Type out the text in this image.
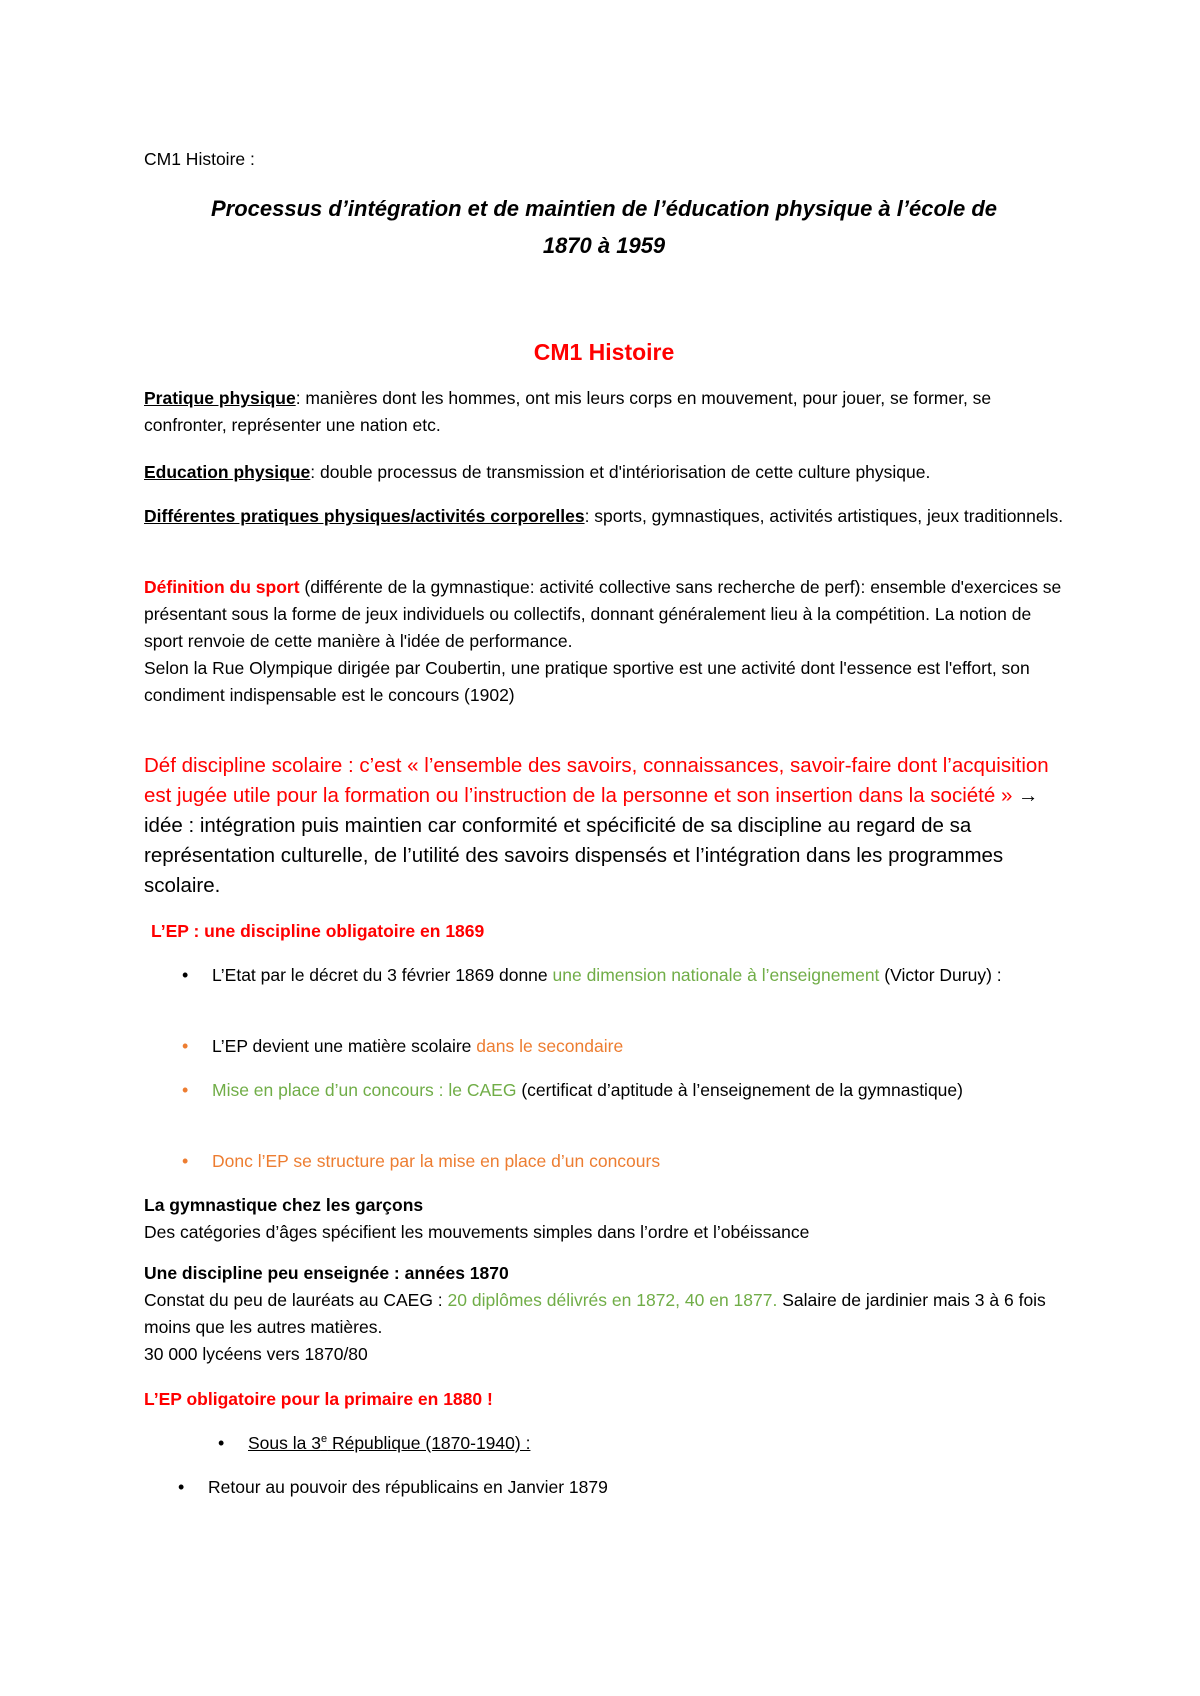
CM1 Histoire :
Processus d’intégration et de maintien de l’éducation physique à l’école de
1870 à 1959
CM1 Histoire

Pratique physique: manières dont les hommes, ont mis leurs corps en mouvement, pour jouer, se former, se confronter, représenter une nation etc.

Education physique: double processus de transmission et d'intériorisation de cette culture physique.

Différentes pratiques physiques/activités corporelles: sports, gymnastiques, activités artistiques, jeux traditionnels.

Définition du sport (différente de la gymnastique: activité collective sans recherche de perf): ensemble d'exercices se présentant sous la forme de jeux individuels ou collectifs, donnant généralement lieu à la compétition. La notion de sport renvoie de cette manière à l'idée de performance.
Selon la Rue Olympique dirigée par Coubertin, une pratique sportive est une activité dont l'essence est l'effort, son condiment indispensable est le concours (1902)

Déf discipline scolaire : c’est « l’ensemble des savoirs, connaissances, savoir-faire dont l’acquisition est jugée utile pour la formation ou l’instruction de la personne et son insertion dans la société » → idée : intégration puis maintien car conformité et spécificité de sa discipline au regard de sa représentation culturelle, de l’utilité des savoirs dispensés et l’intégration dans les programmes scolaire.

L’EP : une discipline obligatoire en 1869

• L’Etat par le décret du 3 février 1869 donne une dimension nationale à l’enseignement (Victor Duruy) :

• L’EP devient une matière scolaire dans le secondaire

• Mise en place d’un concours : le CAEG (certificat d’aptitude à l’enseignement de la gymnastique)

• Donc l’EP se structure par la mise en place d’un concours

La gymnastique chez les garçons
Des catégories d’âges spécifient les mouvements simples dans l’ordre et l’obéissance
Une discipline peu enseignée : années 1870
Constat du peu de lauréats au CAEG : 20 diplômes délivrés en 1872, 40 en 1877. Salaire de jardinier mais 3 à 6 fois moins que les autres matières.
30 000 lycéens vers 1870/80
L’EP obligatoire pour la primaire en 1880 !

• Sous la 3e République (1870-1940) :

• Retour au pouvoir des républicains en Janvier 1879
